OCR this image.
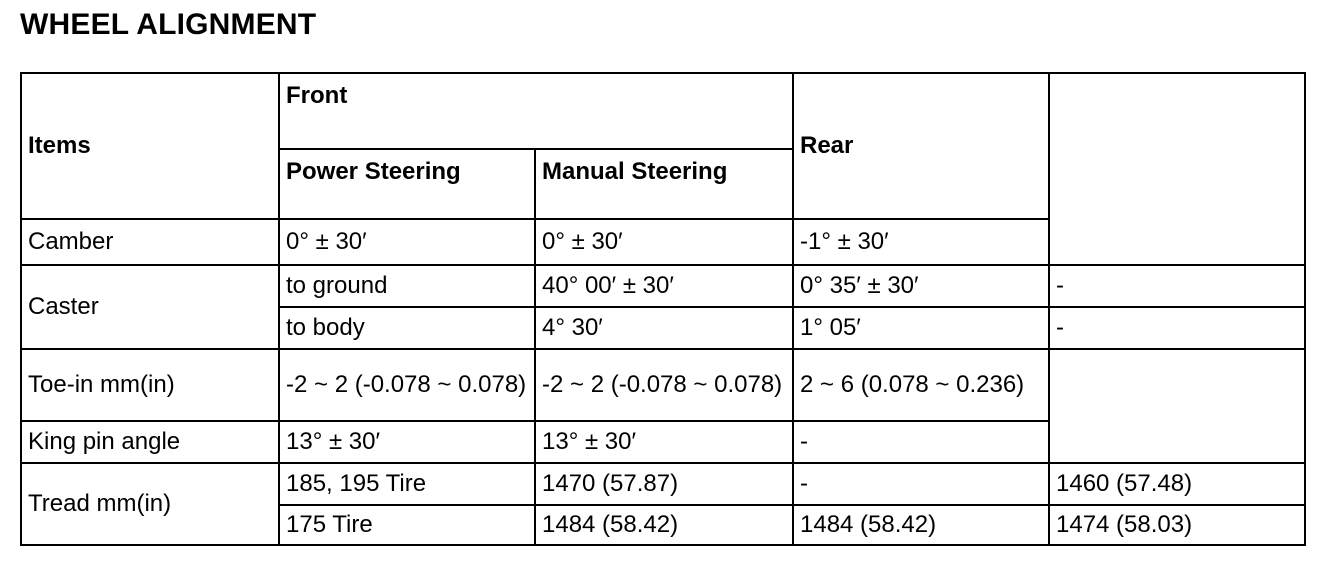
WHEEL ALIGNMENT
Items	Front		Rear	
	Power Steering	Manual Steering		
Camber	0° ± 30′	0° ± 30′	-1° ± 30′	
Caster	to ground	40° 00′ ± 30′	0° 35′ ± 30′	-
	to body	4° 30′	1° 05′	-
Toe-in mm(in)	-2 ~ 2 (-0.078 ~ 0.078)	-2 ~ 2 (-0.078 ~ 0.078)	2 ~ 6 (0.078 ~ 0.236)	
King pin angle	13° ± 30′	13° ± 30′	-	
Tread mm(in)	185, 195 Tire	1470 (57.87)	-	1460 (57.48)
	175 Tire	1484 (58.42)	1484 (58.42)	1474 (58.03)
